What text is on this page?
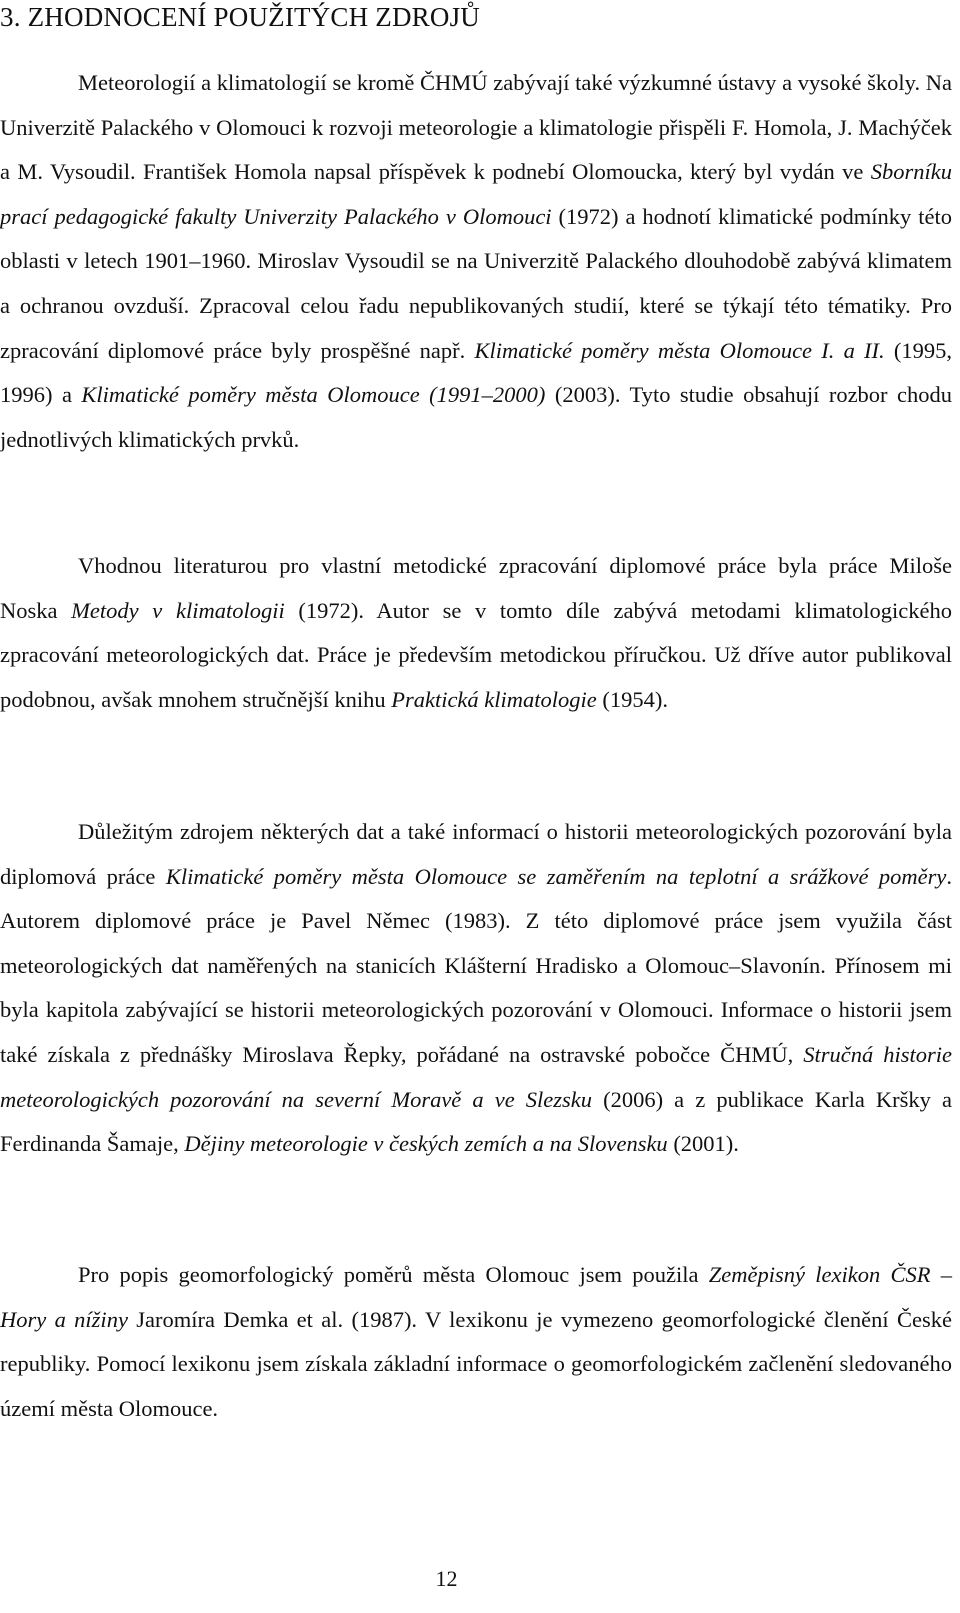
3. ZHODNOCENÍ POUŽITÝCH ZDROJŮ

Meteorologií a klimatologií se kromě ČHMÚ zabývají také výzkumné ústavy a vysoké školy. Na Univerzitě Palackého v Olomouci k rozvoji meteorologie a klimatologie přispěli F. Homola, J. Machýček a M. Vysoudil. František Homola napsal příspěvek k podnebí Olomoucka, který byl vydán ve Sborníku prací pedagogické fakulty Univerzity Palackého v Olomouci (1972) a hodnotí klimatické podmínky této oblasti v letech 1901–1960. Miroslav Vysoudil se na Univerzitě Palackého dlouhodobě zabývá klimatem a ochranou ovzduší. Zpracoval celou řadu nepublikovaných studií, které se týkají této tématiky. Pro zpracování diplomové práce byly prospěšné např. Klimatické poměry města Olomouce I. a II. (1995, 1996) a Klimatické poměry města Olomouce (1991–2000) (2003). Tyto studie obsahují rozbor chodu jednotlivých klimatických prvků.

Vhodnou literaturou pro vlastní metodické zpracování diplomové práce byla práce Miloše Noska Metody v klimatologii (1972). Autor se v tomto díle zabývá metodami klimatologického zpracování meteorologických dat. Práce je především metodickou příručkou. Už dříve autor publikoval podobnou, avšak mnohem stručnější knihu Praktická klimatologie (1954).

Důležitým zdrojem některých dat a také informací o historii meteorologických pozorování byla diplomová práce Klimatické poměry města Olomouce se zaměřením na teplotní a srážkové poměry. Autorem diplomové práce je Pavel Němec (1983). Z této diplomové práce jsem využila část meteorologických dat naměřených na stanicích Klášterní Hradisko a Olomouc–Slavonín. Přínosem mi byla kapitola zabývající se historii meteorologických pozorování v Olomouci. Informace o historii jsem také získala z přednášky Miroslava Řepky, pořádané na ostravské pobočce ČHMÚ, Stručná historie meteorologických pozorování na severní Moravě a ve Slezsku (2006) a z publikace Karla Kršky a Ferdinanda Šamaje, Dějiny meteorologie v českých zemích a na Slovensku (2001).

Pro popis geomorfologický poměrů města Olomouc jsem použila Zeměpisný lexikon ČSR – Hory a nížiny Jaromíra Demka et al. (1987). V lexikonu je vymezeno geomorfologické členění České republiky. Pomocí lexikonu jsem získala základní informace o geomorfologickém začlenění sledovaného území města Olomouce.

12
